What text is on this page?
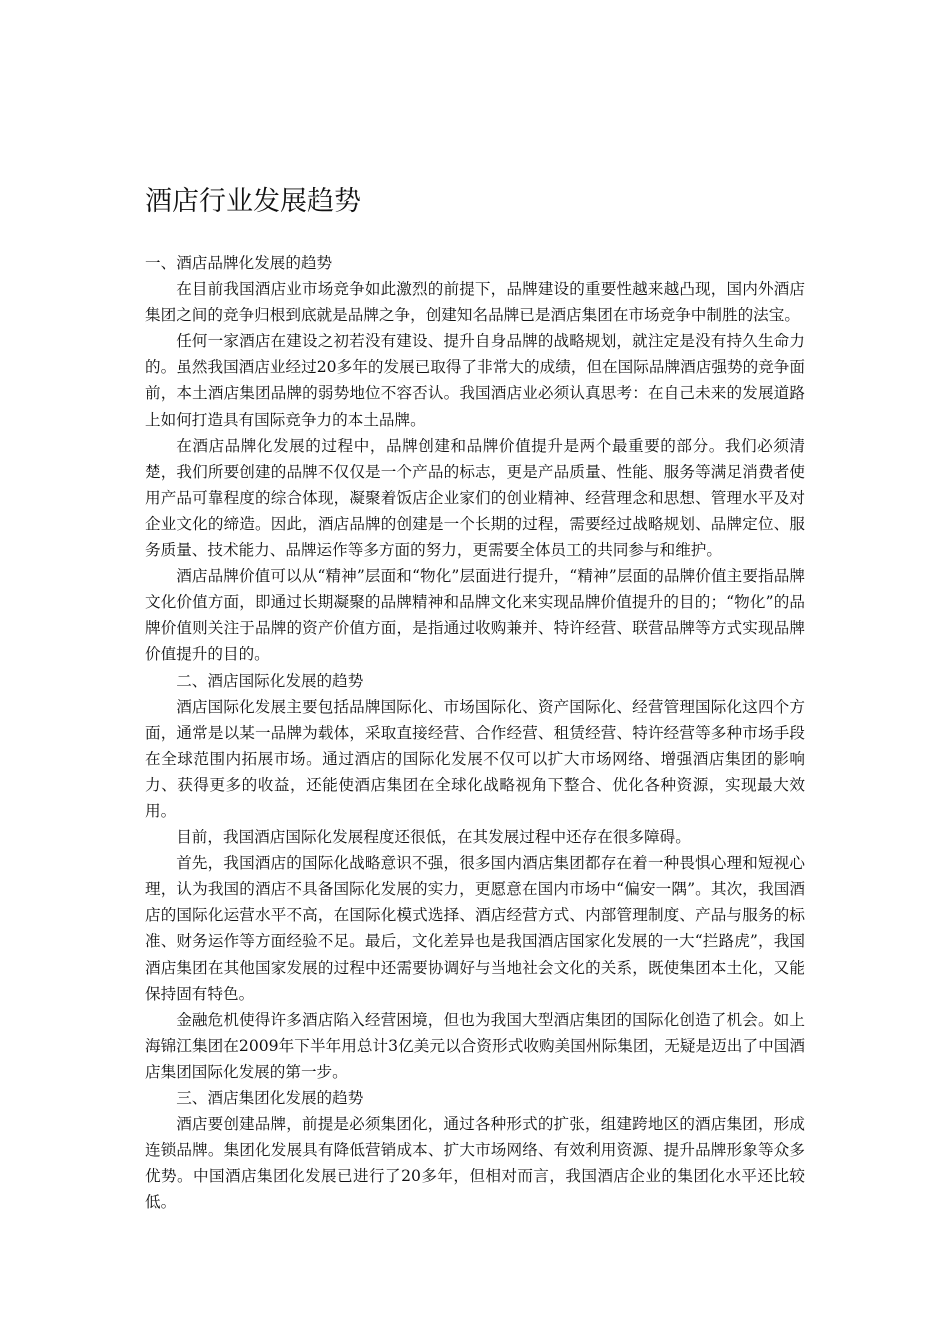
酒店行业发展趋势

一、酒店品牌化发展的趋势

在目前我国酒店业市场竞争如此激烈的前提下，品牌建设的重要性越来越凸现，国内外酒店集团之间的竞争归根到底就是品牌之争，创建知名品牌已是酒店集团在市场竞争中制胜的法宝。

任何一家酒店在建设之初若没有建设、提升自身品牌的战略规划，就注定是没有持久生命力的。虽然我国酒店业经过20多年的发展已取得了非常大的成绩，但在国际品牌酒店强势的竞争面前，本土酒店集团品牌的弱势地位不容否认。我国酒店业必须认真思考：在自己未来的发展道路上如何打造具有国际竞争力的本土品牌。

在酒店品牌化发展的过程中，品牌创建和品牌价值提升是两个最重要的部分。我们必须清楚，我们所要创建的品牌不仅仅是一个产品的标志，更是产品质量、性能、服务等满足消费者使用产品可靠程度的综合体现，凝聚着饭店企业家们的创业精神、经营理念和思想、管理水平及对企业文化的缔造。因此，酒店品牌的创建是一个长期的过程，需要经过战略规划、品牌定位、服务质量、技术能力、品牌运作等多方面的努力，更需要全体员工的共同参与和维护。

酒店品牌价值可以从“精神”层面和“物化”层面进行提升，“精神”层面的品牌价值主要指品牌文化价值方面，即通过长期凝聚的品牌精神和品牌文化来实现品牌价值提升的目的；“物化”的品牌价值则关注于品牌的资产价值方面，是指通过收购兼并、特许经营、联营品牌等方式实现品牌价值提升的目的。

二、酒店国际化发展的趋势

酒店国际化发展主要包括品牌国际化、市场国际化、资产国际化、经营管理国际化这四个方面，通常是以某一品牌为载体，采取直接经营、合作经营、租赁经营、特许经营等多种市场手段在全球范围内拓展市场。通过酒店的国际化发展不仅可以扩大市场网络、增强酒店集团的影响力、获得更多的收益，还能使酒店集团在全球化战略视角下整合、优化各种资源，实现最大效用。

目前，我国酒店国际化发展程度还很低，在其发展过程中还存在很多障碍。

首先，我国酒店的国际化战略意识不强，很多国内酒店集团都存在着一种畏惧心理和短视心理，认为我国的酒店不具备国际化发展的实力，更愿意在国内市场中“偏安一隅”。其次，我国酒店的国际化运营水平不高，在国际化模式选择、酒店经营方式、内部管理制度、产品与服务的标准、财务运作等方面经验不足。最后，文化差异也是我国酒店国家化发展的一大“拦路虎”，我国酒店集团在其他国家发展的过程中还需要协调好与当地社会文化的关系，既使集团本土化，又能保持固有特色。

金融危机使得许多酒店陷入经营困境，但也为我国大型酒店集团的国际化创造了机会。如上海锦江集团在2009年下半年用总计3亿美元以合资形式收购美国州际集团，无疑是迈出了中国酒店集团国际化发展的第一步。

三、酒店集团化发展的趋势

酒店要创建品牌，前提是必须集团化，通过各种形式的扩张，组建跨地区的酒店集团，形成连锁品牌。集团化发展具有降低营销成本、扩大市场网络、有效利用资源、提升品牌形象等众多优势。中国酒店集团化发展已进行了20多年，但相对而言，我国酒店企业的集团化水平还比较低。
